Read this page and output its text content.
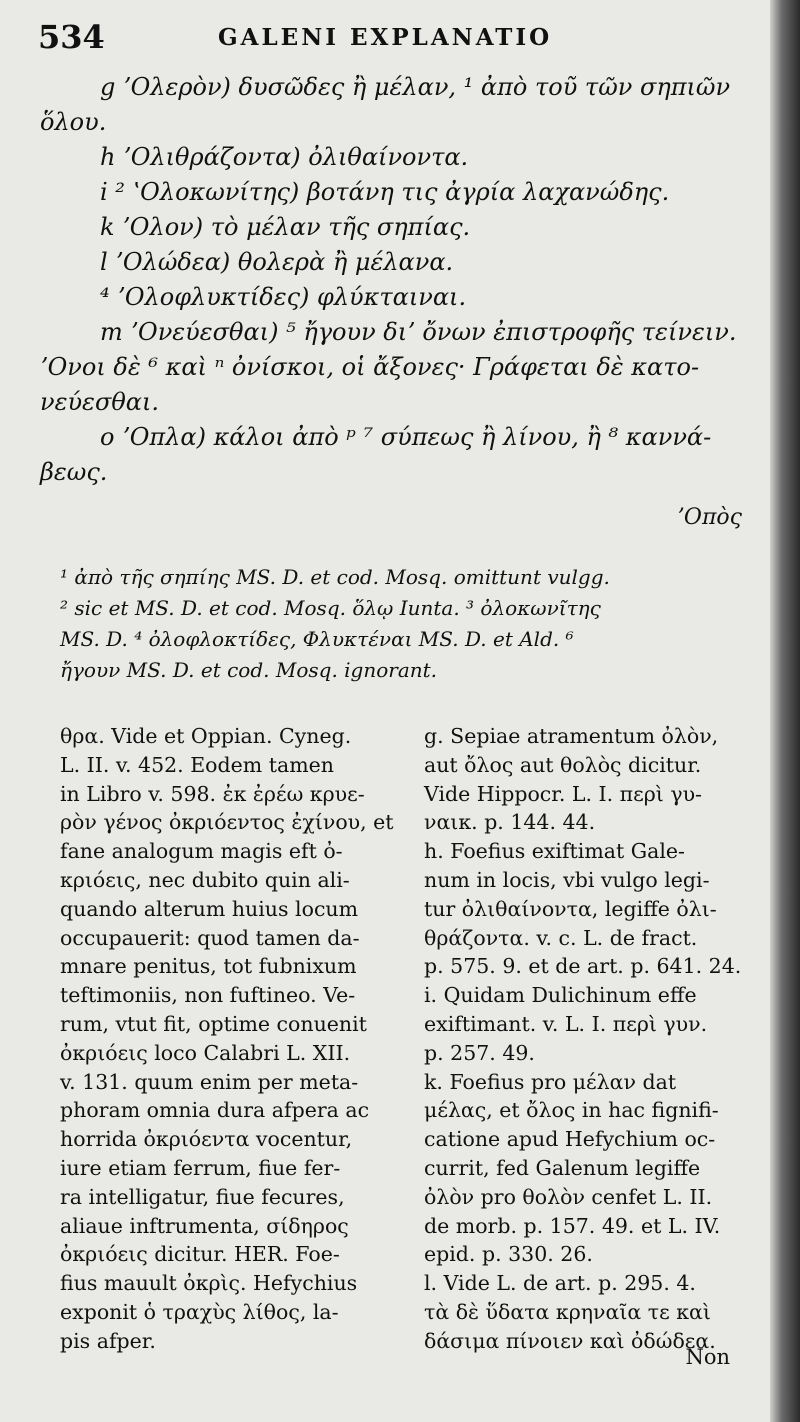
534	GALENI EXPLANATIO
g ʼΟλερὸν) δυσῶδες ἢ μέλαν, ¹ ἀπὸ τοῦ τῶν σηπιῶν
ὅλου.
h ʼΟλιθράζοντα) ὀλιθαίνοντα.
i ² ʽΟλοκωνίτης) βοτάνη τις ἀγρία λαχανώδης.
k ʼΟλον) τὸ μέλαν τῆς σηπίας.
l ʼΟλώδεα) θολερὰ ἢ μέλανα.
⁴ ʼΟλοφλυκτίδες) φλύκταιναι.
m ʼΟνεύεσθαι) ⁵ ἤγουν διʼ ὄνων ἐπιστροφῆς τείνειν.
ʼΟνοι δὲ ⁶ καὶ ⁿ ὀνίσκοι, οἱ ἄξονες· Γράφεται δὲ κατο-
νεύεσθαι.
o ʼΟπλα) κάλοι ἀπὸ ᵖ ⁷ σύπεως ἢ λίνου, ἢ ⁸ καννά-
βεως.
ʼΟπὸς
¹ ἀπὸ τῆς σηπίης MS. D. et cod. Mosq. omittunt vulgg.
² sic et MS. D. et cod. Mosq. ὅλῳ Iunta. ³ ὀλοκωνῖτης
MS. D. ⁴ ὀλοφλοκτίδες, Φλυκτέναι MS. D. et Ald. ⁶
ἤγουν MS. D. et cod. Mosq. ignorant.
θρα. Vide et Oppian. Cyneg.
L. II. v. 452. Eodem tamen
in Libro v. 598. ἐκ ἐρέω κρυε-
ρὸν γένος ὀκριόεντος ἐχίνου, et
fane analogum magis eft ὀ-
κριόεις, nec dubito quin ali-
quando alterum huius locum
occupauerit: quod tamen da-
mnare penitus, tot fubnixum
teftimoniis, non fuftineo. Ve-
rum, vtut fit, optime conuenit
ὀκριόεις loco Calabri L. XII.
v. 131. quum enim per meta-
phoram omnia dura afpera ac
horrida ὀκριόεντα vocentur,
iure etiam ferrum, fiue fer-
ra intelligatur, fiue fecures,
aliaue inftrumenta, σίδηρος
ὀκριόεις dicitur. HER. Foe-
fius mauult ὀκρὶς. Hefychius
exponit ὁ τραχὺς λίθος, la-
pis afper.
g. Sepiae atramentum ὀλὸν,
aut ὄλος aut θολὸς dicitur.
Vide Hippocr. L. I. περὶ γυ-
ναικ. p. 144. 44.
h. Foefius exiftimat Gale-
num in locis, vbi vulgo legi-
tur ὀλιθαίνοντα, legiffe ὀλι-
θράζοντα. v. c. L. de fract.
p. 575. 9. et de art. p. 641. 24.
i. Quidam Dulichinum effe
exiftimant. v. L. I. περὶ γυν.
p. 257. 49.
k. Foefius pro μέλαν dat
μέλας, et ὄλος in hac fignifi-
catione apud Hefychium oc-
currit, fed Galenum legiffe
ὀλὸν pro θολὸν cenfet L. II.
de morb. p. 157. 49. et L. IV.
epid. p. 330. 26.
l. Vide L. de art. p. 295. 4.
τὰ δὲ ὕδατα κρηναῖα τε καὶ
δάσιμα πίνοιεν καὶ ὀδώδεα.
Non
